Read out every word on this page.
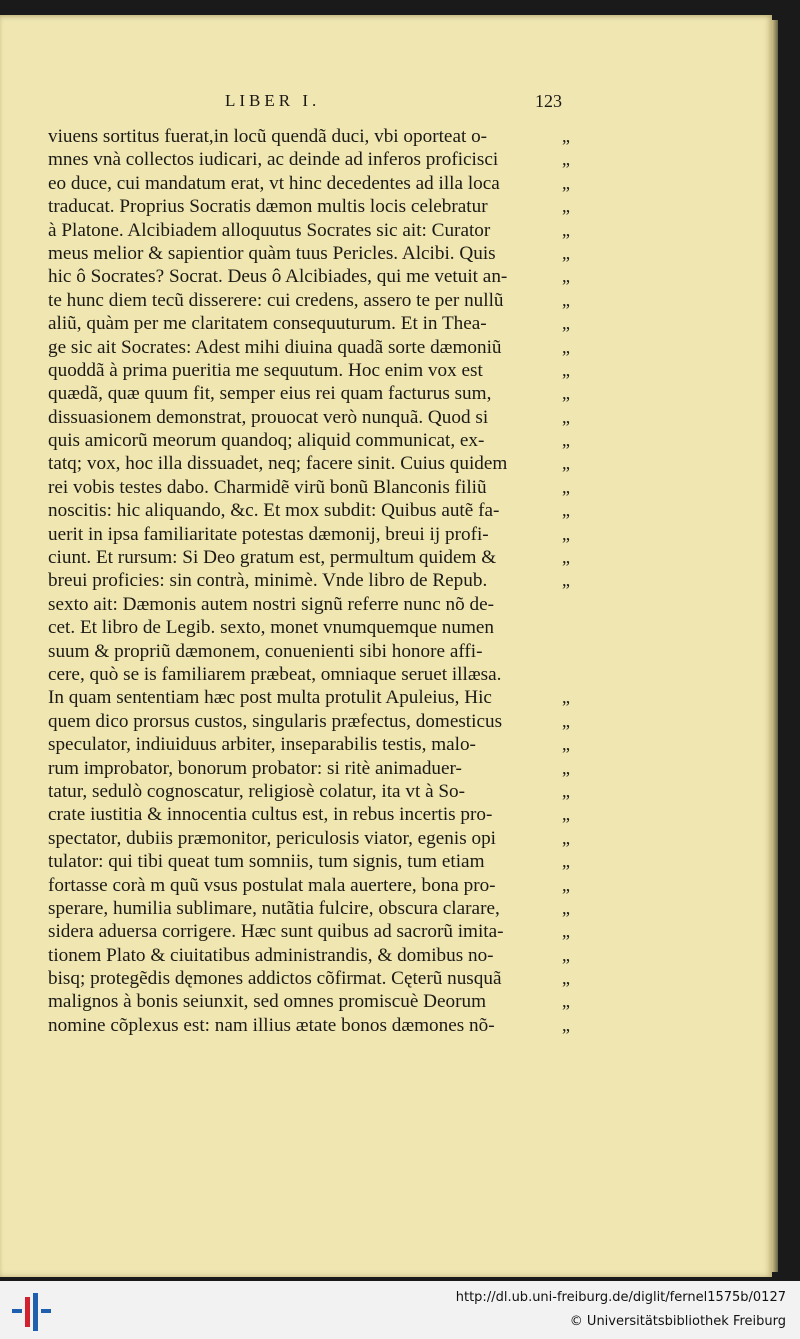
LIBER I.	123
viuens sortitus fuerat,in locũ quendã duci, vbi oporteat o-	„
mnes vnà collectos iudicari, ac deinde ad inferos proficisci	„
eo duce, cui mandatum erat, vt hinc decedentes ad illa loca	„
traducat. Proprius Socratis dæmon multis locis celebratur	„
à Platone. Alcibiadem alloquutus Socrates sic ait: Curator	„
meus melior & sapientior quàm tuus Pericles. Alcibi. Quis	„
hic ô Socrates? Socrat. Deus ô Alcibiades, qui me vetuit an-	„
te hunc diem tecũ disserere: cui credens, assero te per nullũ	„
aliũ, quàm per me claritatem consequuturum. Et in Thea-	„
ge sic ait Socrates: Adest mihi diuina quadã sorte dæmoniũ	„
quoddã à prima pueritia me sequutum. Hoc enim vox est	„
quædã, quæ quum fit, semper eius rei quam facturus sum,	„
dissuasionem demonstrat, prouocat verò nunquã. Quod si	„
quis amicorũ meorum quandoq; aliquid communicat, ex-	„
tatq; vox, hoc illa dissuadet, neq; facere sinit. Cuius quidem	„
rei vobis testes dabo. Charmidẽ virũ bonũ Blanconis filiũ	„
noscitis: hic aliquando, &c. Et mox subdit: Quibus autẽ fa-	„
uerit in ipsa familiaritate potestas dæmonij, breui ij profi-	„
ciunt. Et rursum: Si Deo gratum est, permultum quidem &	„
breui proficies: sin contrà, minimè. Vnde libro de Repub.	„
sexto ait: Dæmonis autem nostri signũ referre nunc nõ de-
cet. Et libro de Legib. sexto, monet vnumquemque numen
suum & propriũ dæmonem, conuenienti sibi honore affi-
cere, quò se is familiarem præbeat, omniaque seruet illæsa.
In quam sententiam hæc post multa protulit Apuleius, Hic	„
quem dico prorsus custos, singularis præfectus, domesticus	„
speculator, indiuiduus arbiter, inseparabilis testis, malo-	„
rum improbator, bonorum probator: si ritè animaduer-	„
tatur, sedulò cognoscatur, religiosè colatur, ita vt à So-	„
crate iustitia & innocentia cultus est, in rebus incertis pro-	„
spectator, dubiis præmonitor, periculosis viator, egenis opi	„
tulator: qui tibi queat tum somniis, tum signis, tum etiam	„
fortasse corà m quũ vsus postulat mala auertere, bona pro-	„
sperare, humilia sublimare, nutãtia fulcire, obscura clarare,	„
sidera aduersa corrigere. Hæc sunt quibus ad sacrorũ imita-	„
tionem Plato & ciuitatibus administrandis, & domibus no-	„
bisq; protegẽdis dęmones addictos cõfirmat. Cęterũ nusquã	„
malignos à bonis seiunxit, sed omnes promiscuè Deorum	„
nomine cõplexus est: nam illius ætate bonos dæmones nõ-	„
http://dl.ub.uni-freiburg.de/diglit/fernel1575b/0127
© Universitätsbibliothek Freiburg
